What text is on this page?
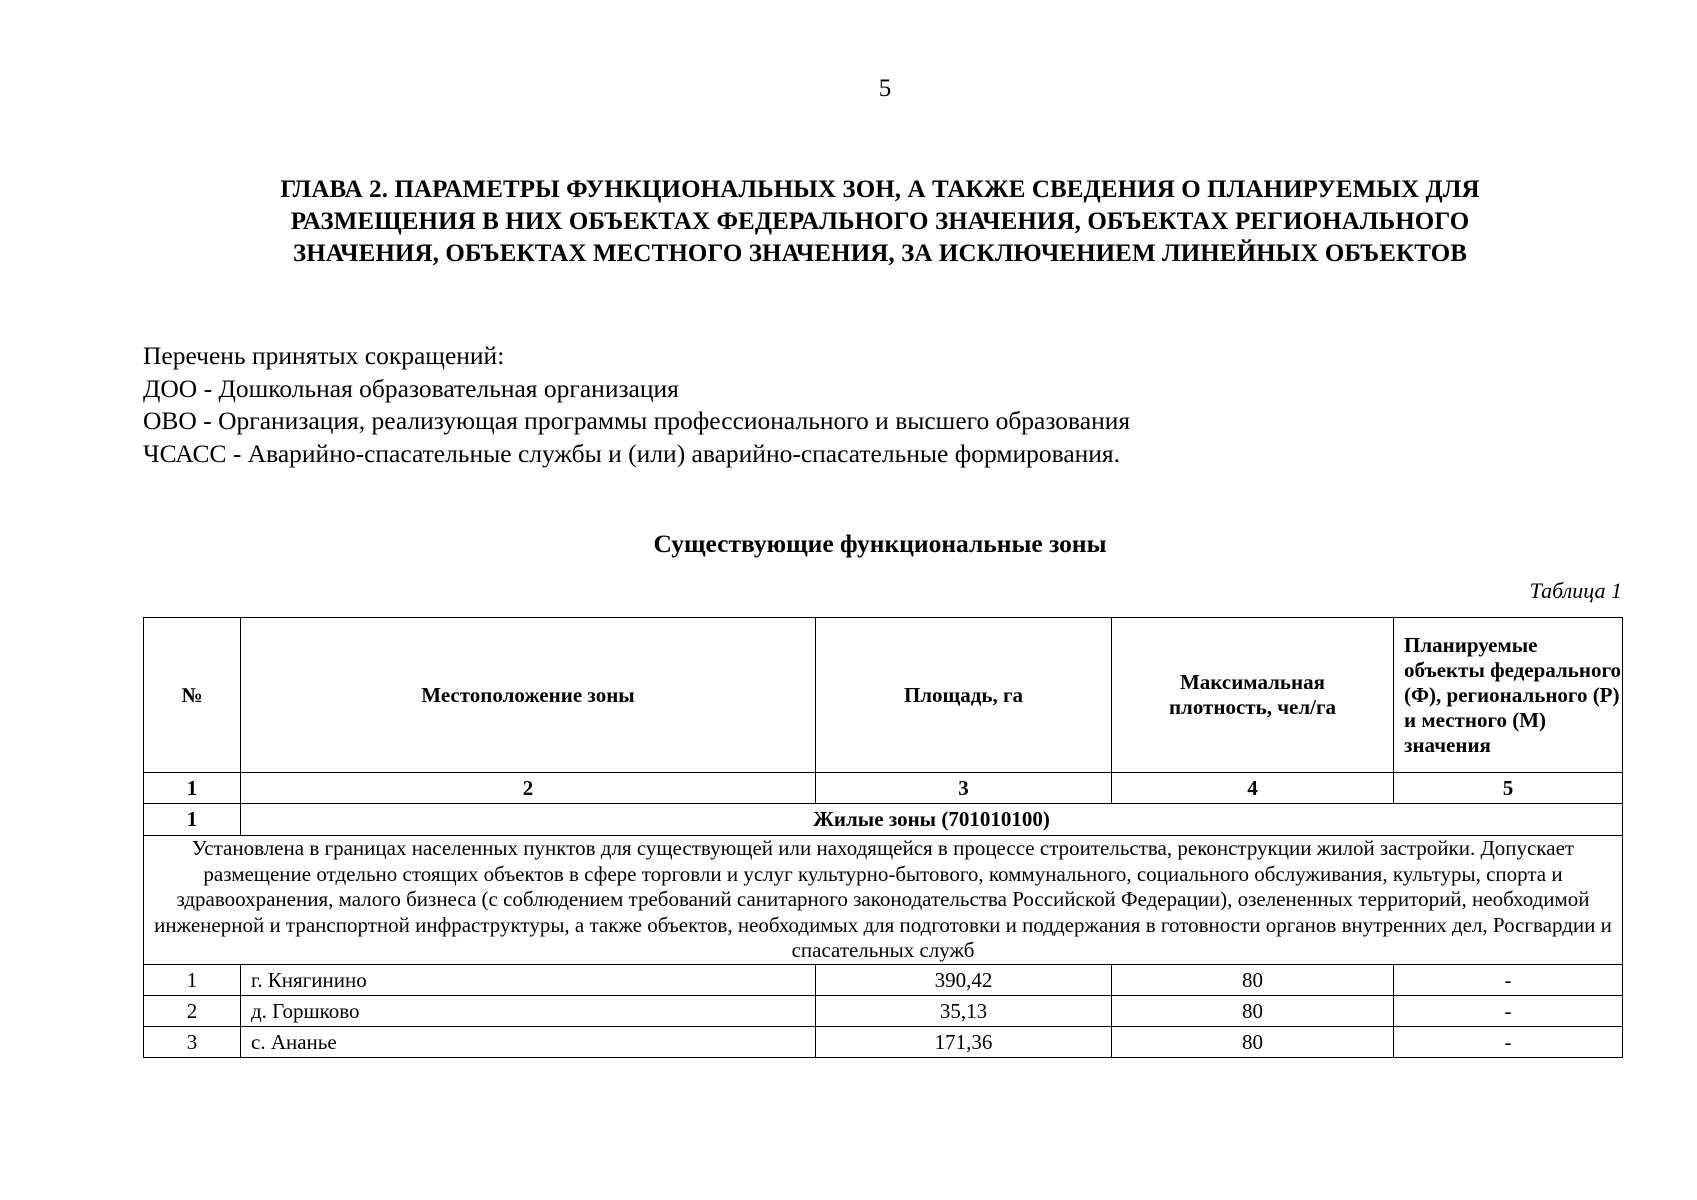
5
ГЛАВА 2. ПАРАМЕТРЫ ФУНКЦИОНАЛЬНЫХ ЗОН, А ТАКЖЕ СВЕДЕНИЯ О ПЛАНИРУЕМЫХ ДЛЯ
РАЗМЕЩЕНИЯ В НИХ ОБЪЕКТАХ ФЕДЕРАЛЬНОГО ЗНАЧЕНИЯ, ОБЪЕКТАХ РЕГИОНАЛЬНОГО
ЗНАЧЕНИЯ, ОБЪЕКТАХ МЕСТНОГО ЗНАЧЕНИЯ, ЗА ИСКЛЮЧЕНИЕМ ЛИНЕЙНЫХ ОБЪЕКТОВ
Перечень принятых сокращений:
ДОО - Дошкольная образовательная организация
ОВО - Организация, реализующая программы профессионального и высшего образования
ЧСАСС - Аварийно-спасательные службы и (или) аварийно-спасательные формирования.
Существующие функциональные зоны
Таблица 1
№	Местоположение зоны	Площадь, га	Максимальная плотность, чел/га	Планируемые объекты федерального (Ф), регионального (Р) и местного (М) значения
1	2	3	4	5
1	Жилые зоны (701010100)			
Установлена в границах населенных пунктов для существующей или находящейся в процессе строительства, реконструкции жилой застройки. Допускает размещение отдельно стоящих объектов в сфере торговли и услуг культурно-бытового, коммунального, социального обслуживания, культуры, спорта и здравоохранения, малого бизнеса (с соблюдением требований санитарного законодательства Российской Федерации), озелененных территорий, необходимой инженерной и транспортной инфраструктуры, а также объектов, необходимых для подготовки и поддержания в готовности органов внутренних дел, Росгвардии и спасательных служб				
1	г. Княгинино	390,42	80	-
2	д. Горшково	35,13	80	-
3	с. Ананье	171,36	80	-
